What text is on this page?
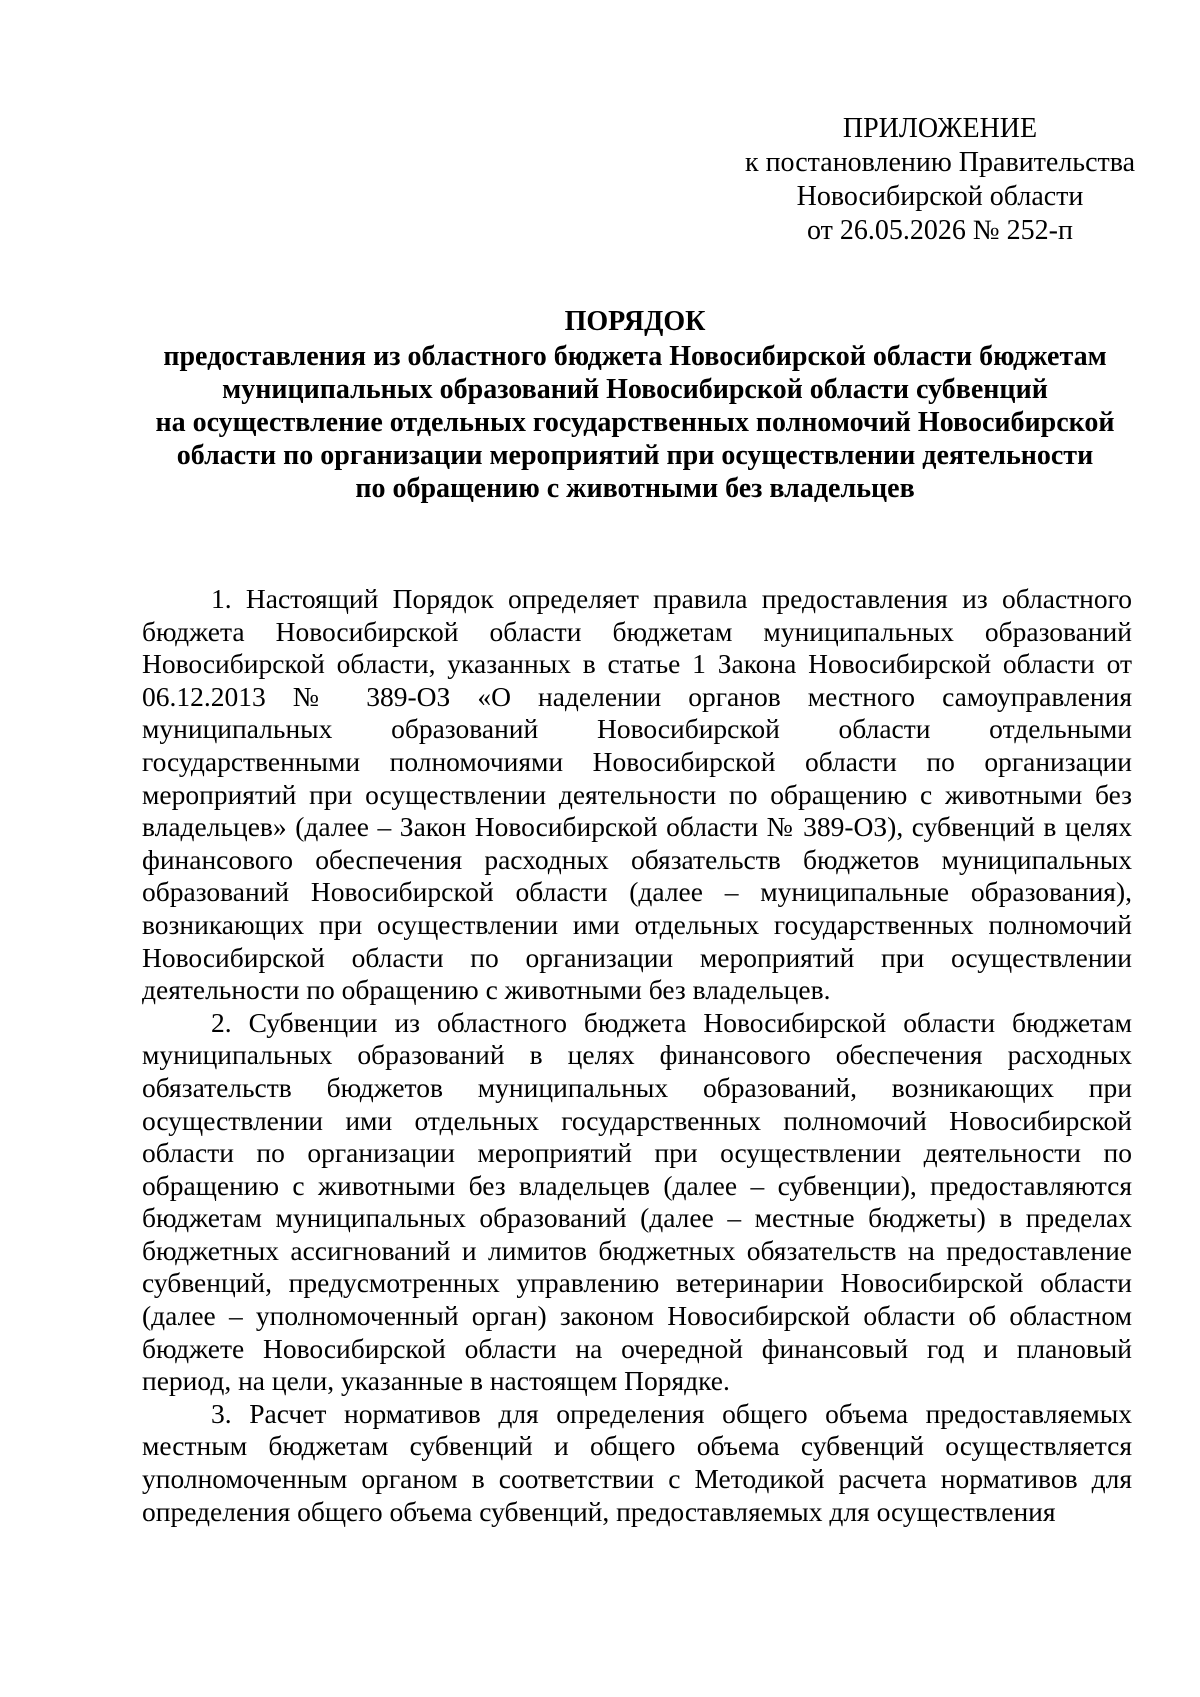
ПРИЛОЖЕНИЕ
к постановлению Правительства
Новосибирской области
от 26.05.2026 № 252-п
ПОРЯДОК
предоставления из областного бюджета Новосибирской области бюджетам
муниципальных образований Новосибирской области субвенций
на осуществление отдельных государственных полномочий Новосибирской
области по организации мероприятий при осуществлении деятельности
по обращению с животными без владельцев

1. Настоящий Порядок определяет правила предоставления из областного бюджета Новосибирской области бюджетам муниципальных образований Новосибирской области, указанных в статье 1 Закона Новосибирской области от 06.12.2013 № 389-ОЗ «О наделении органов местного самоуправления муниципальных образований Новосибирской области отдельными государственными полномочиями Новосибирской области по организации мероприятий при осуществлении деятельности по обращению с животными без владельцев» (далее – Закон Новосибирской области № 389-ОЗ), субвенций в целях финансового обеспечения расходных обязательств бюджетов муниципальных образований Новосибирской области (далее – муниципальные образования), возникающих при осуществлении ими отдельных государственных полномочий Новосибирской области по организации мероприятий при осуществлении деятельности по обращению с животными без владельцев.

2. Субвенции из областного бюджета Новосибирской области бюджетам муниципальных образований в целях финансового обеспечения расходных обязательств бюджетов муниципальных образований, возникающих при осуществлении ими отдельных государственных полномочий Новосибирской области по организации мероприятий при осуществлении деятельности по обращению с животными без владельцев (далее – субвенции), предоставляются бюджетам муниципальных образований (далее – местные бюджеты) в пределах бюджетных ассигнований и лимитов бюджетных обязательств на предоставление субвенций, предусмотренных управлению ветеринарии Новосибирской области (далее – уполномоченный орган) законом Новосибирской области об областном бюджете Новосибирской области на очередной финансовый год и плановый период, на цели, указанные в настоящем Порядке.

3. Расчет нормативов для определения общего объема предоставляемых местным бюджетам субвенций и общего объема субвенций осуществляется уполномоченным органом в соответствии с Методикой расчета нормативов для определения общего объема субвенций, предоставляемых для осуществления
